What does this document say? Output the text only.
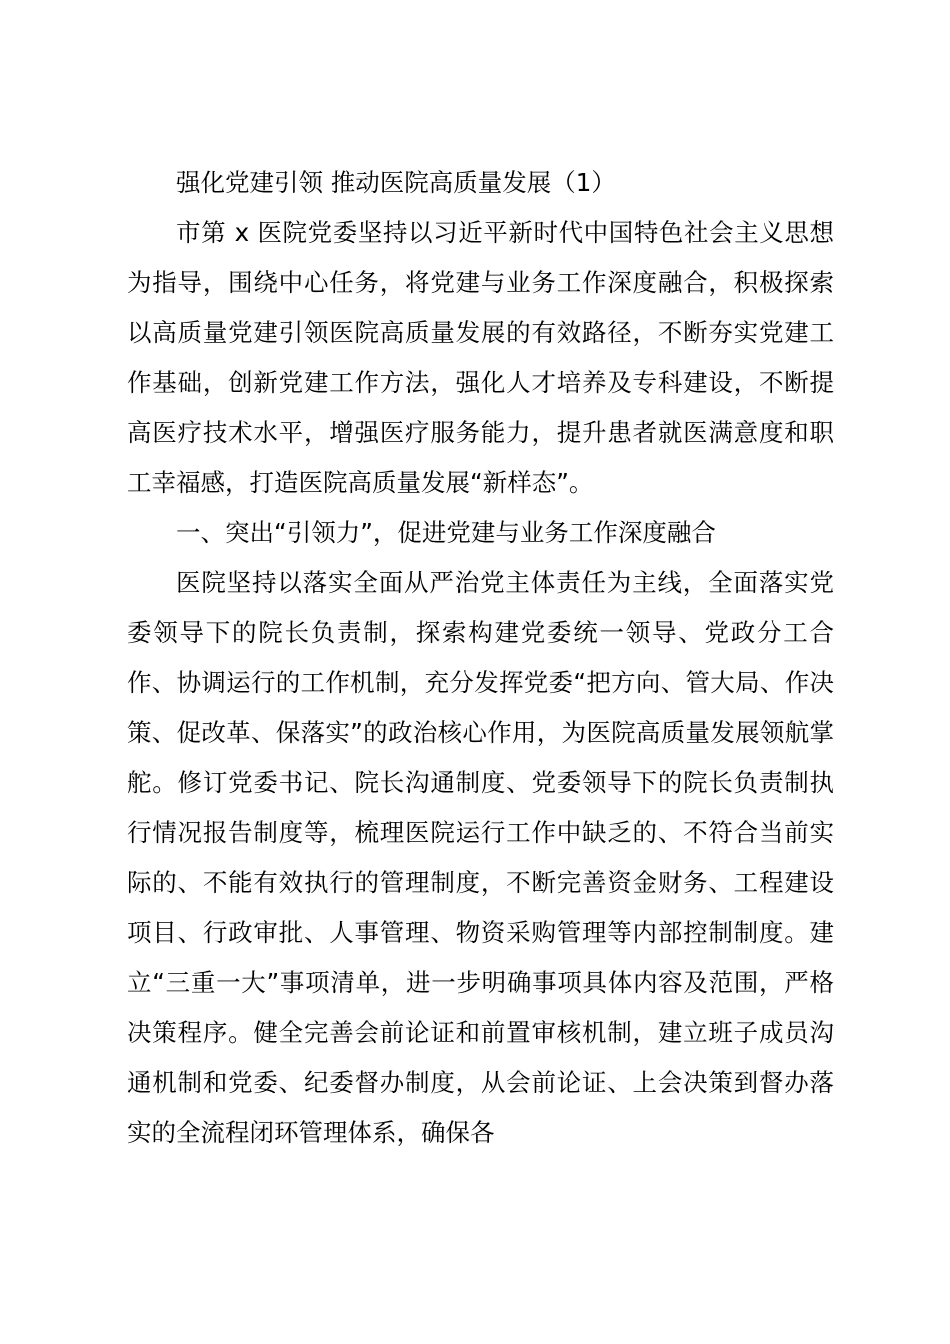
强化党建引领 推动医院高质量发展（1）

市第 x 医院党委坚持以习近平新时代中国特色社会主义思想为指导，围绕中心任务，将党建与业务工作深度融合，积极探索以高质量党建引领医院高质量发展的有效路径，不断夯实党建工作基础，创新党建工作方法，强化人才培养及专科建设，不断提高医疗技术水平，增强医疗服务能力，提升患者就医满意度和职工幸福感，打造医院高质量发展“新样态”。

一、突出“引领力”，促进党建与业务工作深度融合

医院坚持以落实全面从严治党主体责任为主线，全面落实党委领导下的院长负责制，探索构建党委统一领导、党政分工合作、协调运行的工作机制，充分发挥党委“把方向、管大局、作决策、促改革、保落实”的政治核心作用，为医院高质量发展领航掌舵。修订党委书记、院长沟通制度、党委领导下的院长负责制执行情况报告制度等，梳理医院运行工作中缺乏的、不符合当前实际的、不能有效执行的管理制度，不断完善资金财务、工程建设项目、行政审批、人事管理、物资采购管理等内部控制制度。建立“三重一大”事项清单，进一步明确事项具体内容及范围，严格决策程序。健全完善会前论证和前置审核机制，建立班子成员沟通机制和党委、纪委督办制度，从会前论证、上会决策到督办落实的全流程闭环管理体系，确保各
